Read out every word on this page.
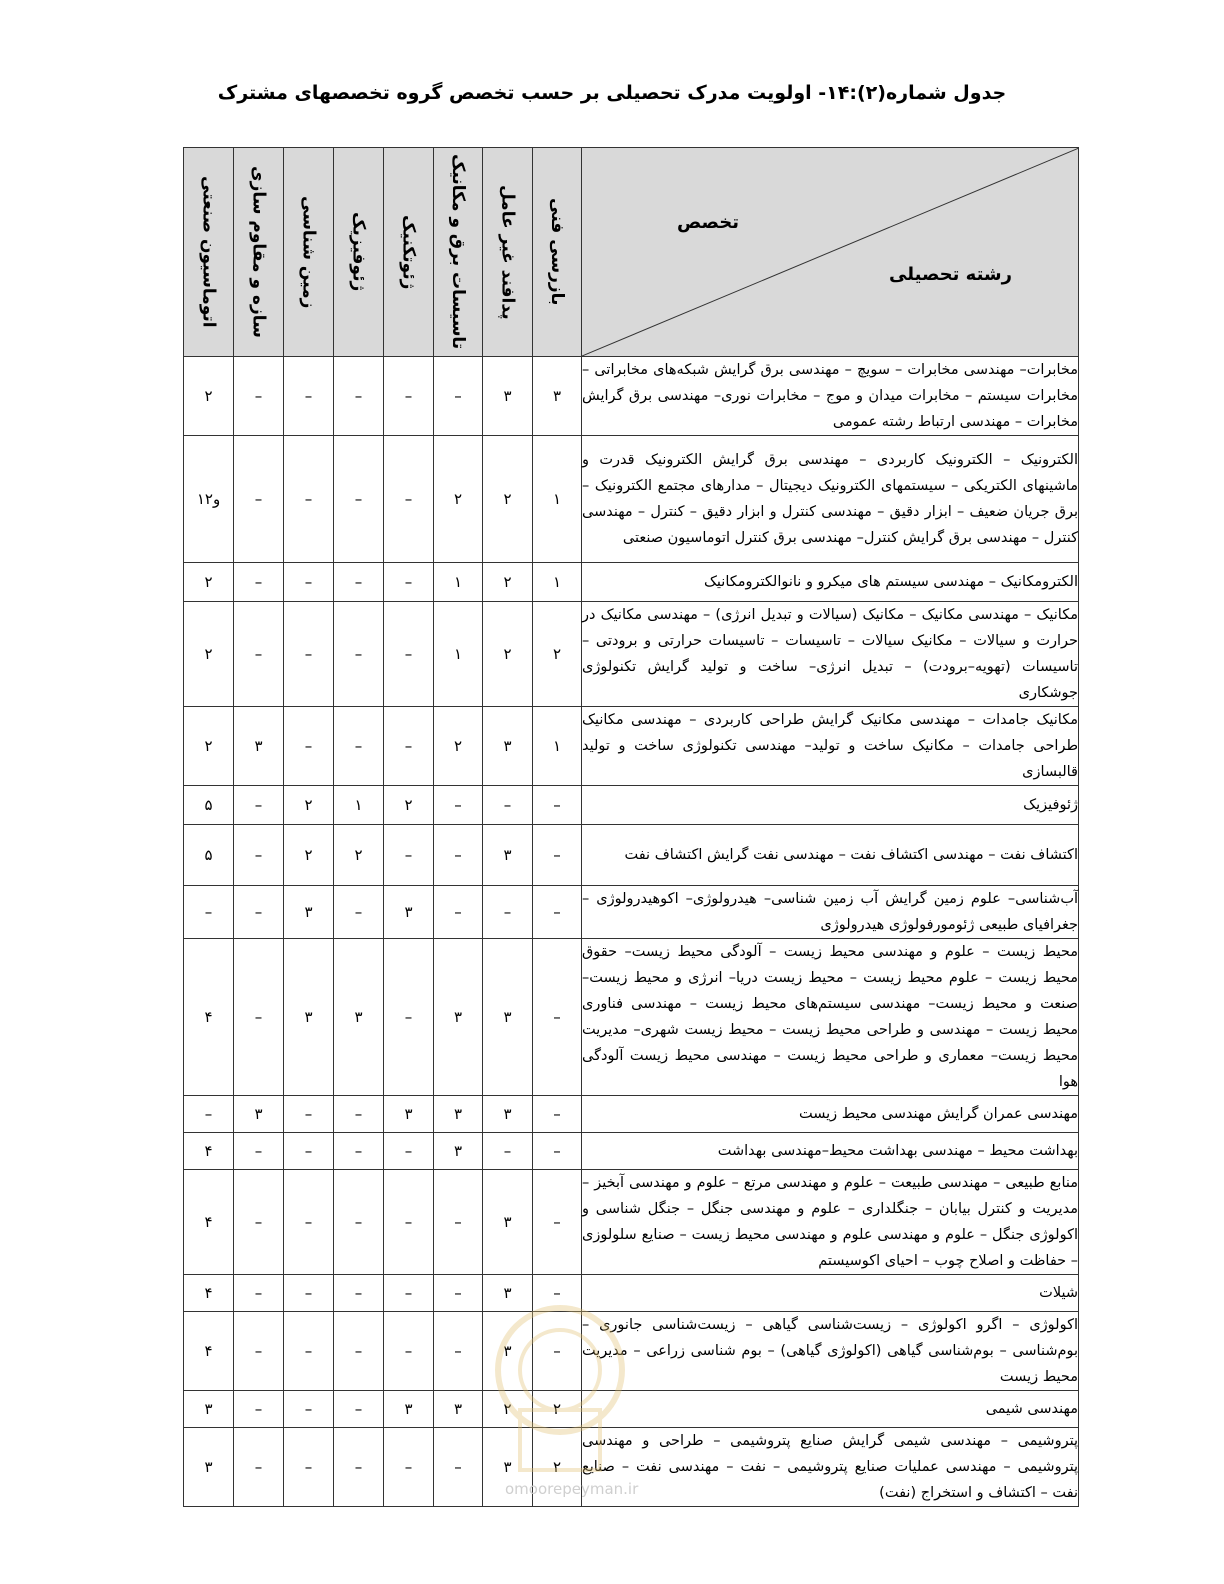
جدول شماره(۲):۱۴- اولویت مدرک تحصیلی بر حسب تخصص گروه تخصصهای مشترک
اتوماسیون صنعتی	سازه و مقاوم سازی	زمین شناسی	ژئوفیزیک	ژئوتکنیک	تاسیسات برق و مکانیک	پدافند غیر عامل	بازرسی فنی	تخصص
رشته تحصیلی

۲	–	–	–	–	–	۳	۳	مخابرات– مهندسی مخابرات – سویچ – مهندسی برق گرایش شبکه‌های مخابراتی – مخابرات سیستم – مخابرات میدان و موج – مخابرات نوری– مهندسی برق گرایش مخابرات – مهندسی ارتباط رشته عمومی
۱و۲	–	–	–	–	۲	۲	۱	الکترونیک – الکترونیک کاربردی – مهندسی برق گرایش الکترونیک قدرت و ماشینهای الکتریکی – سیستمهای الکترونیک دیجیتال – مدارهای مجتمع الکترونیک – برق جریان ضعیف – ابزار دقیق – مهندسی کنترل و ابزار دقیق – کنترل – مهندسی کنترل – مهندسی برق گرایش کنترل– مهندسی برق کنترل اتوماسیون صنعتی
۲	–	–	–	–	۱	۲	۱	الکترومکانیک – مهندسی سیستم های میکرو و نانوالکترومکانیک
۲	–	–	–	–	۱	۲	۲	مکانیک – مهندسی مکانیک – مکانیک (سیالات و تبدیل انرژی) – مهندسی مکانیک در حرارت و سیالات – مکانیک سیالات – تاسیسات – تاسیسات حرارتی و برودتی – تاسیسات (تهویه–برودت) – تبدیل انرژی– ساخت و تولید گرایش تکنولوژی جوشکاری
۲	۳	–	–	–	۲	۳	۱	مکانیک جامدات – مهندسی مکانیک گرایش طراحی کاربردی – مهندسی مکانیک طراحی جامدات – مکانیک ساخت و تولید– مهندسی تکنولوژی ساخت و تولید قالبسازی
۵	–	۲	۱	۲	–	–	–	ژئوفیزیک
۵	–	۲	۲	–	–	۳	–	اکتشاف نفت – مهندسی اکتشاف نفت – مهندسی نفت گرایش اکتشاف نفت
–	–	۳	–	۳	–	–	–	آب‌شناسی– علوم زمین گرایش آب زمین شناسی– هیدرولوژی– اکوهیدرولوژی – جغرافیای طبیعی ژئومورفولوژی هیدرولوژی
۴	–	۳	۳	–	۳	۳	–	محیط زیست – علوم و مهندسی محیط زیست – آلودگی محیط زیست– حقوق محیط زیست – علوم محیط زیست – محیط زیست دریا– انرژی و محیط زیست– صنعت و محیط زیست– مهندسی سیستم‌های محیط زیست – مهندسی فناوری محیط زیست – مهندسی و طراحی محیط زیست – محیط زیست شهری– مدیریت محیط زیست– معماری و طراحی محیط زیست – مهندسی محیط زیست آلودگی هوا
–	۳	–	–	۳	۳	۳	–	مهندسی عمران گرایش مهندسی محیط زیست
۴	–	–	–	–	۳	–	–	بهداشت محیط – مهندسی بهداشت محیط–مهندسی بهداشت
۴	–	–	–	–	–	۳	–	منابع طبیعی – مهندسی طبیعت – علوم و مهندسی مرتع – علوم و مهندسی آبخیز – مدیریت و کنترل بیابان – جنگلداری – علوم و مهندسی جنگل – جنگل شناسی و اکولوژی جنگل – علوم و مهندسی علوم و مهندسی محیط زیست – صنایع سلولوزی – حفاظت و اصلاح چوب – احیای اکوسیستم
۴	–	–	–	–	–	۳	–	شیلات
۴	–	–	–	–	–	۳	–	اکولوژی – اگرو اکولوژی – زیست‌شناسی گیاهی – زیست‌شناسی جانوری – بوم‌شناسی – بوم‌شناسی گیاهی (اکولوژی گیاهی) – بوم شناسی زراعی – مدیریت محیط زیست
۳	–	–	–	۳	۳	۲	۲	مهندسی شیمی
۳	–	–	–	–	–	۳	۲	پتروشیمی – مهندسی شیمی گرایش صنایع پتروشیمی – طراحی و مهندسی پتروشیمی – مهندسی عملیات صنایع پتروشیمی – نفت – مهندسی نفت – صنایع نفت – اکتشاف و استخراج (نفت)
omoorepeyman.ir
